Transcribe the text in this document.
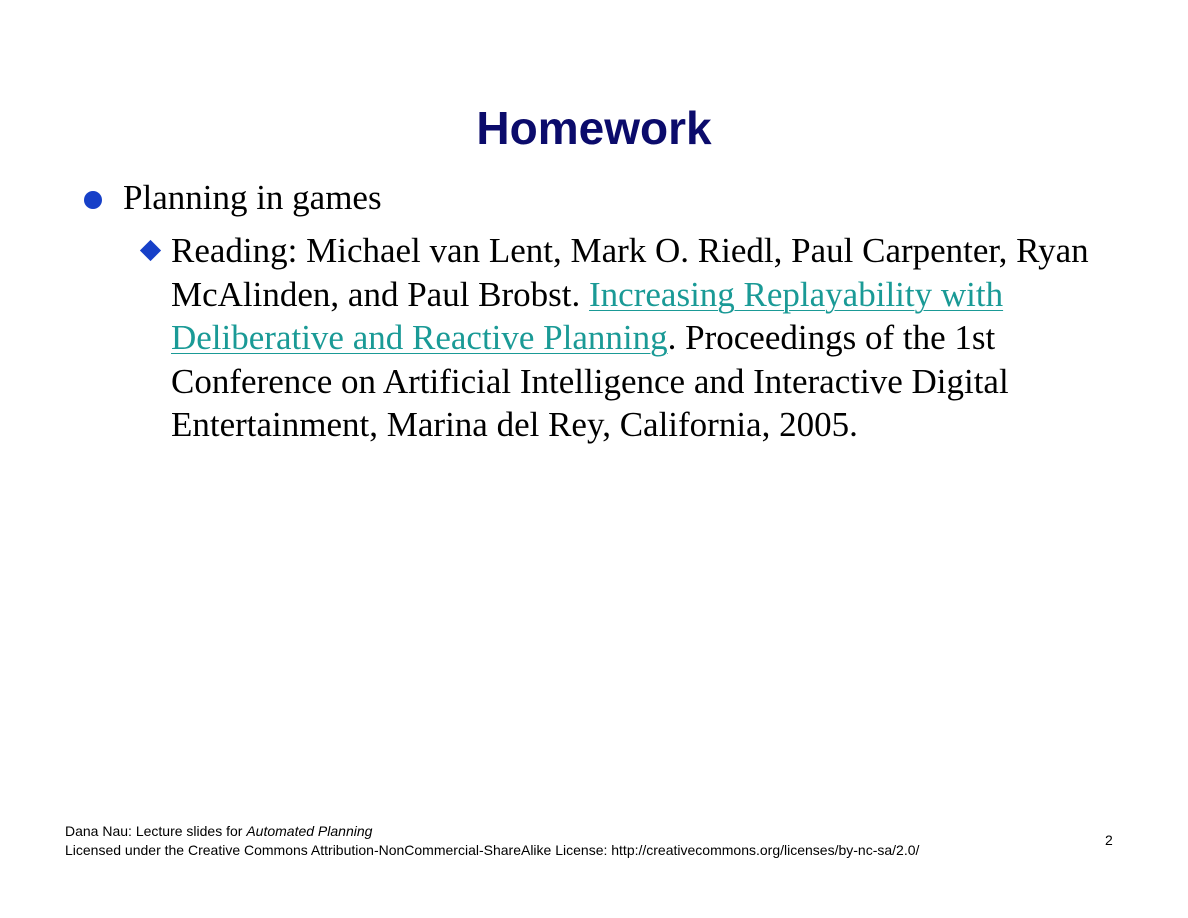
Homework
Planning in games
Reading: Michael van Lent, Mark O. Riedl, Paul Carpenter, Ryan McAlinden, and Paul Brobst. Increasing Replayability with Deliberative and Reactive Planning. Proceedings of the 1st Conference on Artificial Intelligence and Interactive Digital Entertainment, Marina del Rey, California, 2005.
Dana Nau: Lecture slides for Automated Planning
Licensed under the Creative Commons Attribution-NonCommercial-ShareAlike License: http://creativecommons.org/licenses/by-nc-sa/2.0/
2
